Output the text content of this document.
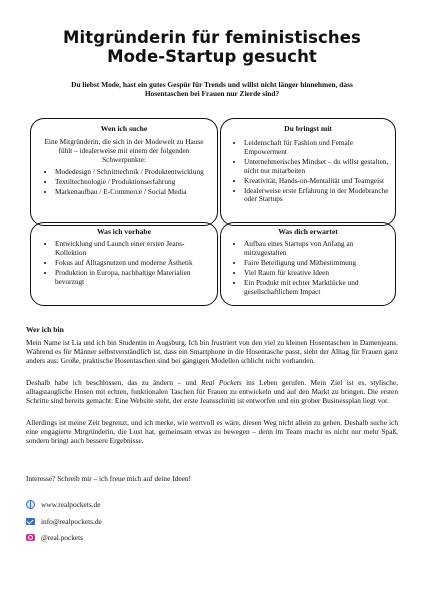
Mitgründerin für feministisches
Mode-Startup gesucht

Du liebst Mode, hast ein gutes Gespür für Trends und willst nicht länger hinnehmen, dass Hosentaschen bei Frauen nur Zierde sind?

Wen ich suche

Eine Mitgründerin, die sich in der Modewelt zu Hause fühlt – idealerweise mit einem der folgenden Schwerpunkte:

• Modedesign / Schnitttechnik / Produktentwicklung
• Textiltechnologie / Produktionserfahrung
• Markenaufbau / E-Commerce / Social Media
Du bringst mit
• Leidenschaft für Fashion und Female Empowerment
• Unternehmerisches Mindset – du willst gestalten, nicht nur mitarbeiten
• Kreativität, Hands-on-Mentalität und Teamgeist
• Idealerweise erste Erfahrung in der Modebranche oder Startups
Was ich vorhabe
• Entwicklung und Launch einer ersten Jeans-Kollektion
• Fokus auf Alltagsnutzen und moderne Ästhetik
• Produktion in Europa, nachhaltige Materialien bevorzugt
Was dich erwartet
• Aufbau eines Startups von Anfang an mitzugestalten
• Faire Beteiligung und Mitbestimmung
• Viel Raum für kreative Ideen
• Ein Produkt mit echter Marktlücke und gesellschaftlichem Impact
Wer ich bin

Mein Name ist Lia und ich bin Studentin in Augsburg. Ich bin frustriert von den viel zu kleinen Hosentaschen in Damenjeans. Während es für Männer selbstverständlich ist, dass ein Smartphone in die Hosentasche passt, sieht der Alltag für Frauen ganz anders aus: Große, praktische Hosentaschen sind bei gängigen Modellen schlicht nicht vorhanden.

Deshalb habe ich beschlossen, das zu ändern – und Real Pockets ins Leben gerufen. Mein Ziel ist es, stylische, alltagstaugliche Hosen mit echten, funktionalen Taschen für Frauen zu entwickeln und auf den Markt zu bringen. Die ersten Schritte sind bereits gemacht: Eine Website steht, der erste Jeansschnitt ist entworfen und ein grober Businessplan liegt vor.

Allerdings ist meine Zeit begrenzt, und ich merke, wie wertvoll es wäre, diesen Weg nicht allein zu gehen. Deshalb suche ich eine engagierte Mitgründerin, die Lust hat, gemeinsam etwas zu bewegen – denn im Team macht es nicht nur mehr Spaß, sondern bringt auch bessere Ergebnisse.

Interesse? Schreib mir – ich freue mich auf deine Ideen!

www.realpockets.de
info@realpockets.de
@real.pockets
